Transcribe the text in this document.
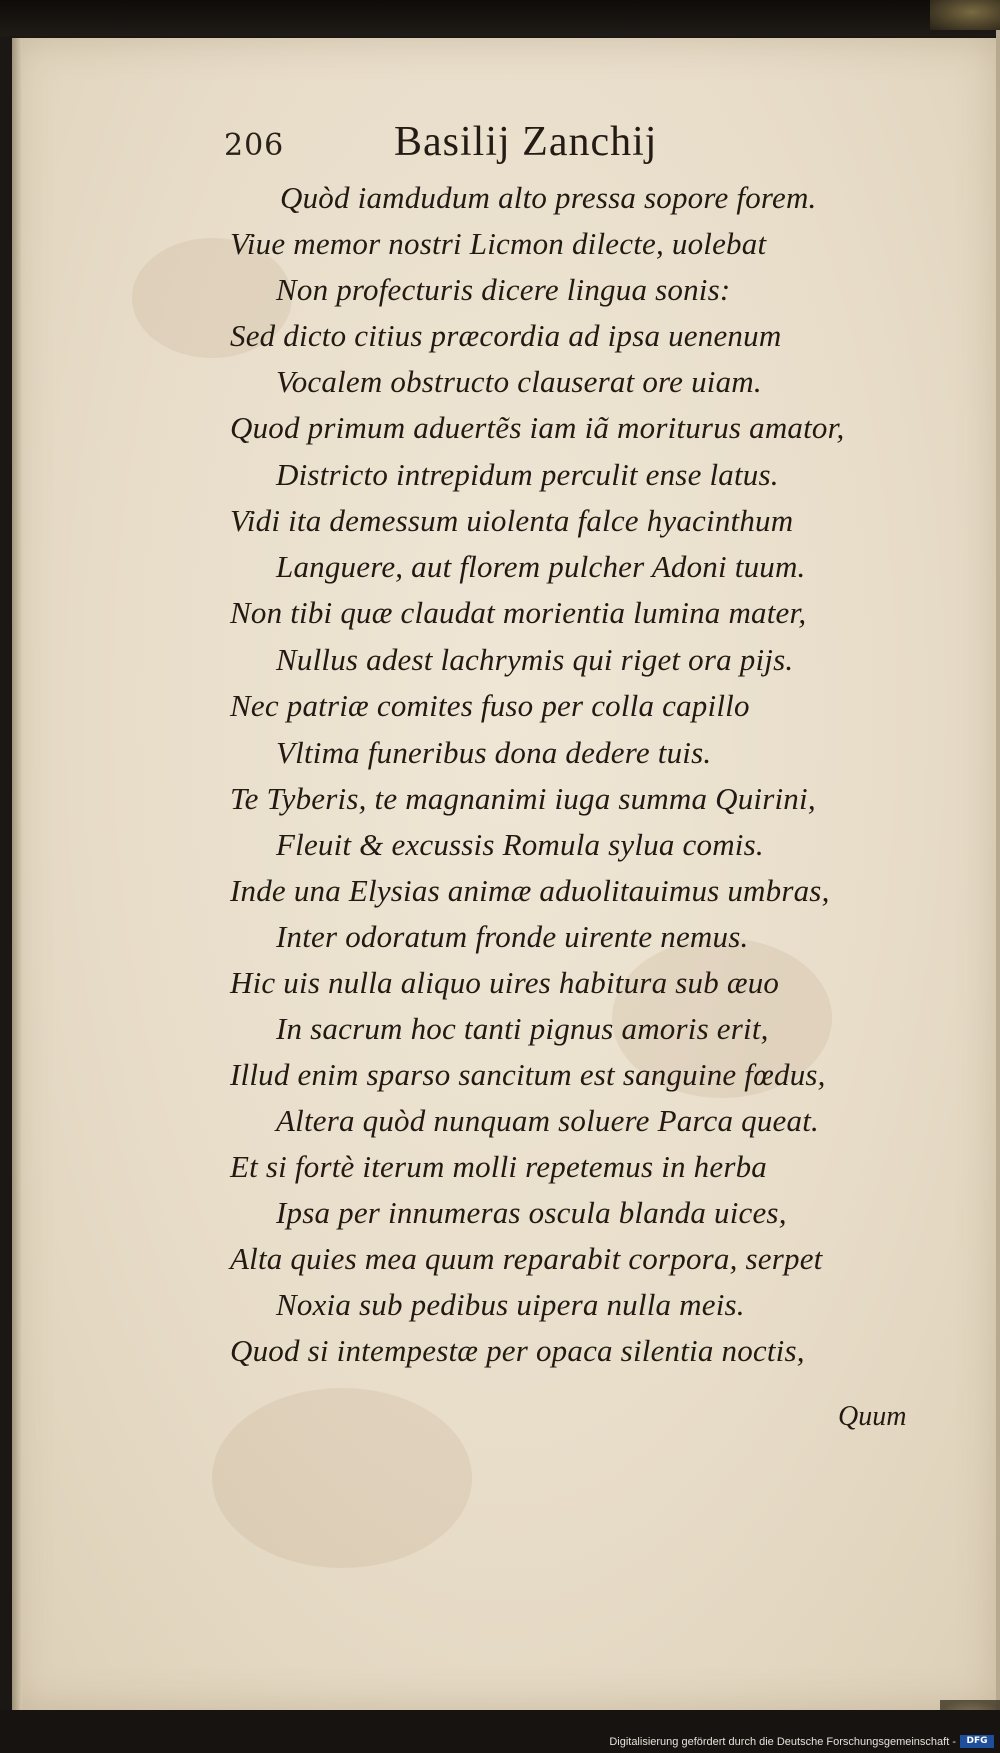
206	Basilij Zanchij
Quòd iamdudum alto pressa sopore forem.
Viue memor nostri Licmon dilecte, uolebat
Non profecturis dicere lingua sonis:
Sed dicto citius præcordia ad ipsa uenenum
Vocalem obstructo clauserat ore uiam.
Quod primum aduertẽs iam iã moriturus amator,
Districto intrepidum perculit ense latus.
Vidi ita demessum uiolenta falce hyacinthum
Languere, aut florem pulcher Adoni tuum.
Non tibi quæ claudat morientia lumina mater,
Nullus adest lachrymis qui riget ora pijs.
Nec patriæ comites fuso per colla capillo
Vltima funeribus dona dedere tuis.
Te Tyberis, te magnanimi iuga summa Quirini,
Fleuit & excussis Romula sylua comis.
Inde una Elysias animæ aduolitauimus umbras,
Inter odoratum fronde uirente nemus.
Hic uis nulla aliquo uires habitura sub æuo
In sacrum hoc tanti pignus amoris erit,
Illud enim sparso sancitum est sanguine fœdus,
Altera quòd nunquam soluere Parca queat.
Et si fortè iterum molli repetemus in herba
Ipsa per innumeras oscula blanda uices,
Alta quies mea quum reparabit corpora, serpet
Noxia sub pedibus uipera nulla meis.
Quod si intempestæ per opaca silentia noctis,
Quum
Digitalisierung gefördert durch die Deutsche Forschungsgemeinschaft -	DFG
